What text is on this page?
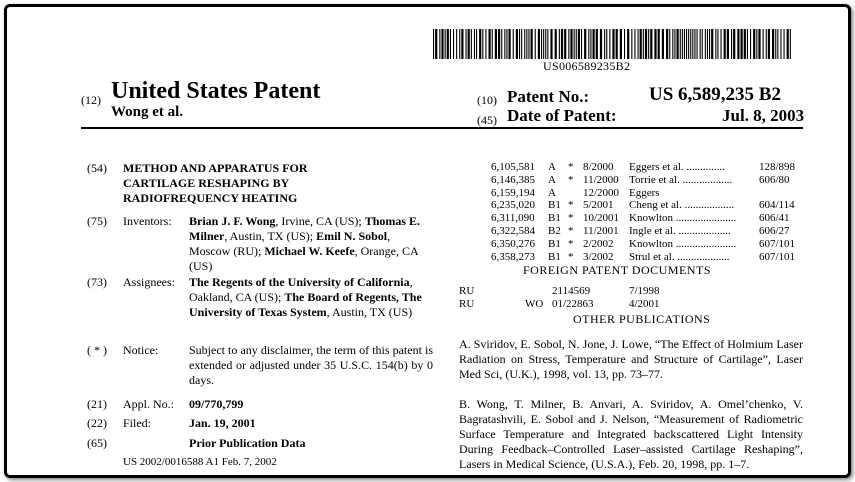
US006589235B2
(12) United States Patent
Wong et al.
(10) Patent No.:	US 6,589,235 B2
(45) Date of Patent:	Jul. 8, 2003
(54) METHOD AND APPARATUS FOR
CARTILAGE RESHAPING BY
RADIOFREQUENCY HEATING
(75) Inventors: Brian J. F. Wong, Irvine, CA (US); Thomas E. Milner, Austin, TX (US); Emil N. Sobol, Moscow (RU); Michael W. Keefe, Orange, CA (US)
(73) Assignees: The Regents of the University of California, Oakland, CA (US); The Board of Regents, The University of Texas System, Austin, TX (US)
( * ) Notice:	Subject to any disclaimer, the term of this patent is extended or adjusted under 35 U.S.C. 154(b) by 0 days.
(21) Appl. No.: 09/770,799
(22) Filed:	Jan. 19, 2001
(65)	Prior Publication Data
US 2002/0016588 A1 Feb. 7, 2002
6,105,581 A * 8/2000 Eggers et al. ..............	128/898
6,146,385 A * 11/2000 Torrie et al. .................. 606/80
6,159,194 A 12/2000 Eggers
6,235,020 B1 * 5/2001 Cheng et al. .................. 604/114
6,311,090 B1 * 10/2001 Knowlton ...................... 606/41
6,322,584 B2 * 11/2001 Ingle et al. ...................	606/27
6,350,276 B1 * 2/2002 Knowlton ...................... 607/101
6,358,273 B1 * 3/2002 Strul et al. ...................	607/101
FOREIGN PATENT DOCUMENTS
RU	2114569	7/1998
RU	WO 01/22863	4/2001
OTHER PUBLICATIONS
A. Sviridov, E. Sobol, N. Jone, J. Lowe, “The Effect of Holmium Laser Radiation on Stress, Temperature and Structure of Cartilage”, Laser Med Sci, (U.K.), 1998, vol. 13, pp. 73–77.
B. Wong, T. Milner, B. Anvari, A. Sviridov, A. Omel’chenko, V. Bagratashvili, E. Sobol and J. Nelson, “Measurement of Radiometric Surface Temperature and Integrated backscattered Light Intensity During Feedback–Controlled Laser–assisted Cartilage Reshaping”, Lasers in Medical Science, (U.S.A.), Feb. 20, 1998, pp. 1–7.
